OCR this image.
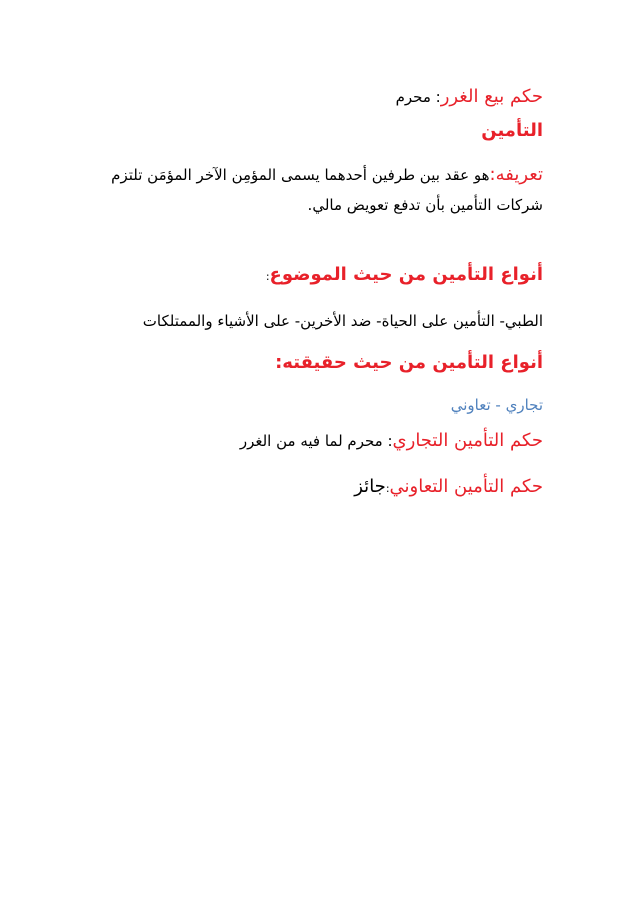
حكم بيع الغرر: محرم
التأمين
تعريفه:هو عقد بين طرفين أحدهما يسمى المؤمِن الآخر المؤمَن تلتزم
شركات التأمين بأن تدفع تعويض مالي.
أنواع التأمين من حيث الموضوع:
الطبي- التأمين على الحياة- ضد الأخرين- على الأشياء والممتلكات
أنواع التأمين من حيث حقيقته:
تجاري - تعاوني
حكم التأمين التجاري: محرم لما فيه من الغرر
حكم التأمين التعاوني:جائز
